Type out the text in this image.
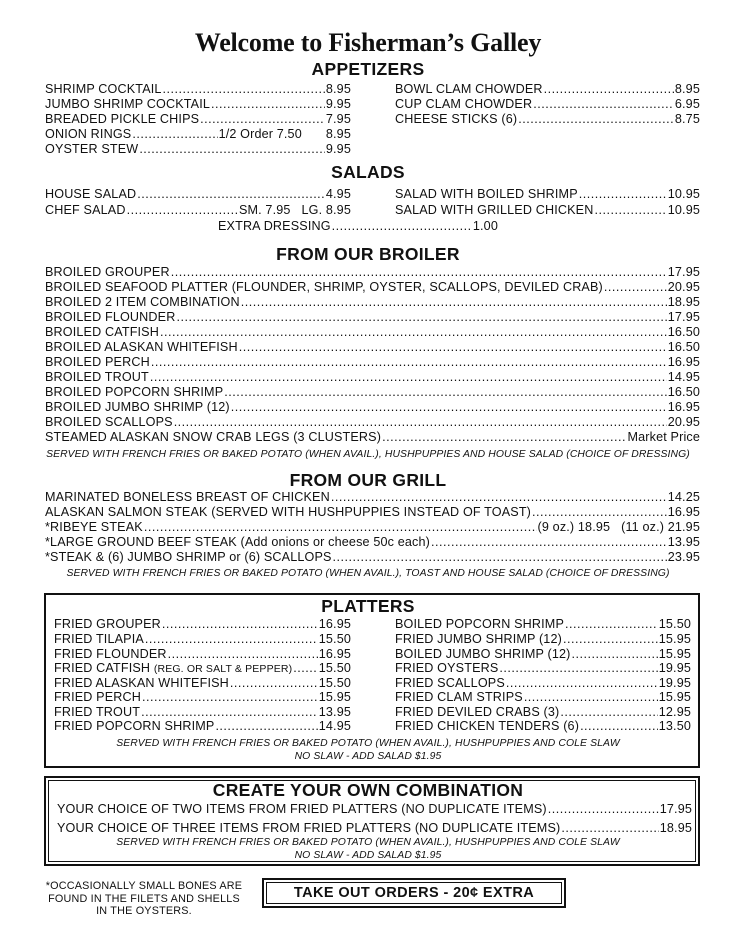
Welcome to Fisherman’s Galley
APPETIZERS
SHRIMP COCKTAIL .....	8.95
JUMBO SHRIMP COCKTAIL .....	9.95
BREADED PICKLE CHIPS .....	7.95
ONION RINGS .....	1/2 Order 7.50 8.95
OYSTER STEW .....	9.95
BOWL CLAM CHOWDER .....	8.95
CUP CLAM CHOWDER .....	6.95
CHEESE STICKS (6) .....	8.75
SALADS
HOUSE SALAD .....	4.95
CHEF SALAD .....	SM. 7.95   LG. 8.95
SALAD WITH BOILED SHRIMP .....	10.95
SALAD WITH GRILLED CHICKEN .....	10.95
EXTRA DRESSING .....	1.00
FROM OUR BROILER
BROILED GROUPER .....	17.95
BROILED SEAFOOD PLATTER (FLOUNDER, SHRIMP, OYSTER, SCALLOPS, DEVILED CRAB) .....	20.95
BROILED 2 ITEM COMBINATION .....	18.95
BROILED FLOUNDER .....	17.95
BROILED CATFISH .....	16.50
BROILED ALASKAN WHITEFISH .....	16.50
BROILED PERCH .....	16.95
BROILED TROUT .....	14.95
BROILED POPCORN SHRIMP .....	16.50
BROILED JUMBO SHRIMP (12) .....	16.95
BROILED SCALLOPS .....	20.95
STEAMED ALASKAN SNOW CRAB LEGS (3 CLUSTERS) .....	Market Price
SERVED WITH FRENCH FRIES OR BAKED POTATO (WHEN AVAIL.), HUSHPUPPIES AND HOUSE SALAD (CHOICE OF DRESSING)
FROM OUR GRILL
MARINATED BONELESS BREAST OF CHICKEN .....	14.25
ALASKAN SALMON STEAK (SERVED WITH HUSHPUPPIES INSTEAD OF TOAST) .....	16.95
*RIBEYE STEAK .....	(9 oz.) 18.95   (11 oz.) 21.95
*LARGE GROUND BEEF STEAK (Add onions or cheese 50c each) .....	13.95
*STEAK & (6) JUMBO SHRIMP or (6) SCALLOPS .....	23.95
SERVED WITH FRENCH FRIES OR BAKED POTATO (WHEN AVAIL.), TOAST AND HOUSE SALAD (CHOICE OF DRESSING)
PLATTERS
FRIED GROUPER .....	16.95
FRIED TILAPIA .....	15.50
FRIED FLOUNDER .....	16.95
FRIED CATFISH (REG. OR SALT & PEPPER) ..... 15.50
FRIED ALASKAN WHITEFISH .....	15.50
FRIED PERCH .....	15.95
FRIED TROUT .....	13.95
FRIED POPCORN SHRIMP .....	14.95
BOILED POPCORN SHRIMP .....	15.50
FRIED JUMBO SHRIMP (12) .....	15.95
BOILED JUMBO SHRIMP (12) .....	15.95
FRIED OYSTERS .....	19.95
FRIED SCALLOPS .....	19.95
FRIED CLAM STRIPS .....	15.95
FRIED DEVILED CRABS (3) .....	12.95
FRIED CHICKEN TENDERS (6) .....	13.50
SERVED WITH FRENCH FRIES OR BAKED POTATO (WHEN AVAIL.), HUSHPUPPIES AND COLE SLAW
NO SLAW - ADD SALAD $1.95
CREATE YOUR OWN COMBINATION
YOUR CHOICE OF TWO ITEMS FROM FRIED PLATTERS (NO DUPLICATE ITEMS) .....	17.95
YOUR CHOICE OF THREE ITEMS FROM FRIED PLATTERS (NO DUPLICATE ITEMS) .....	18.95
SERVED WITH FRENCH FRIES OR BAKED POTATO (WHEN AVAIL.), HUSHPUPPIES AND COLE SLAW
NO SLAW - ADD SALAD $1.95
*OCCASIONALLY SMALL BONES ARE FOUND IN THE FILETS AND SHELLS IN THE OYSTERS.
TAKE OUT ORDERS - 20¢ EXTRA
